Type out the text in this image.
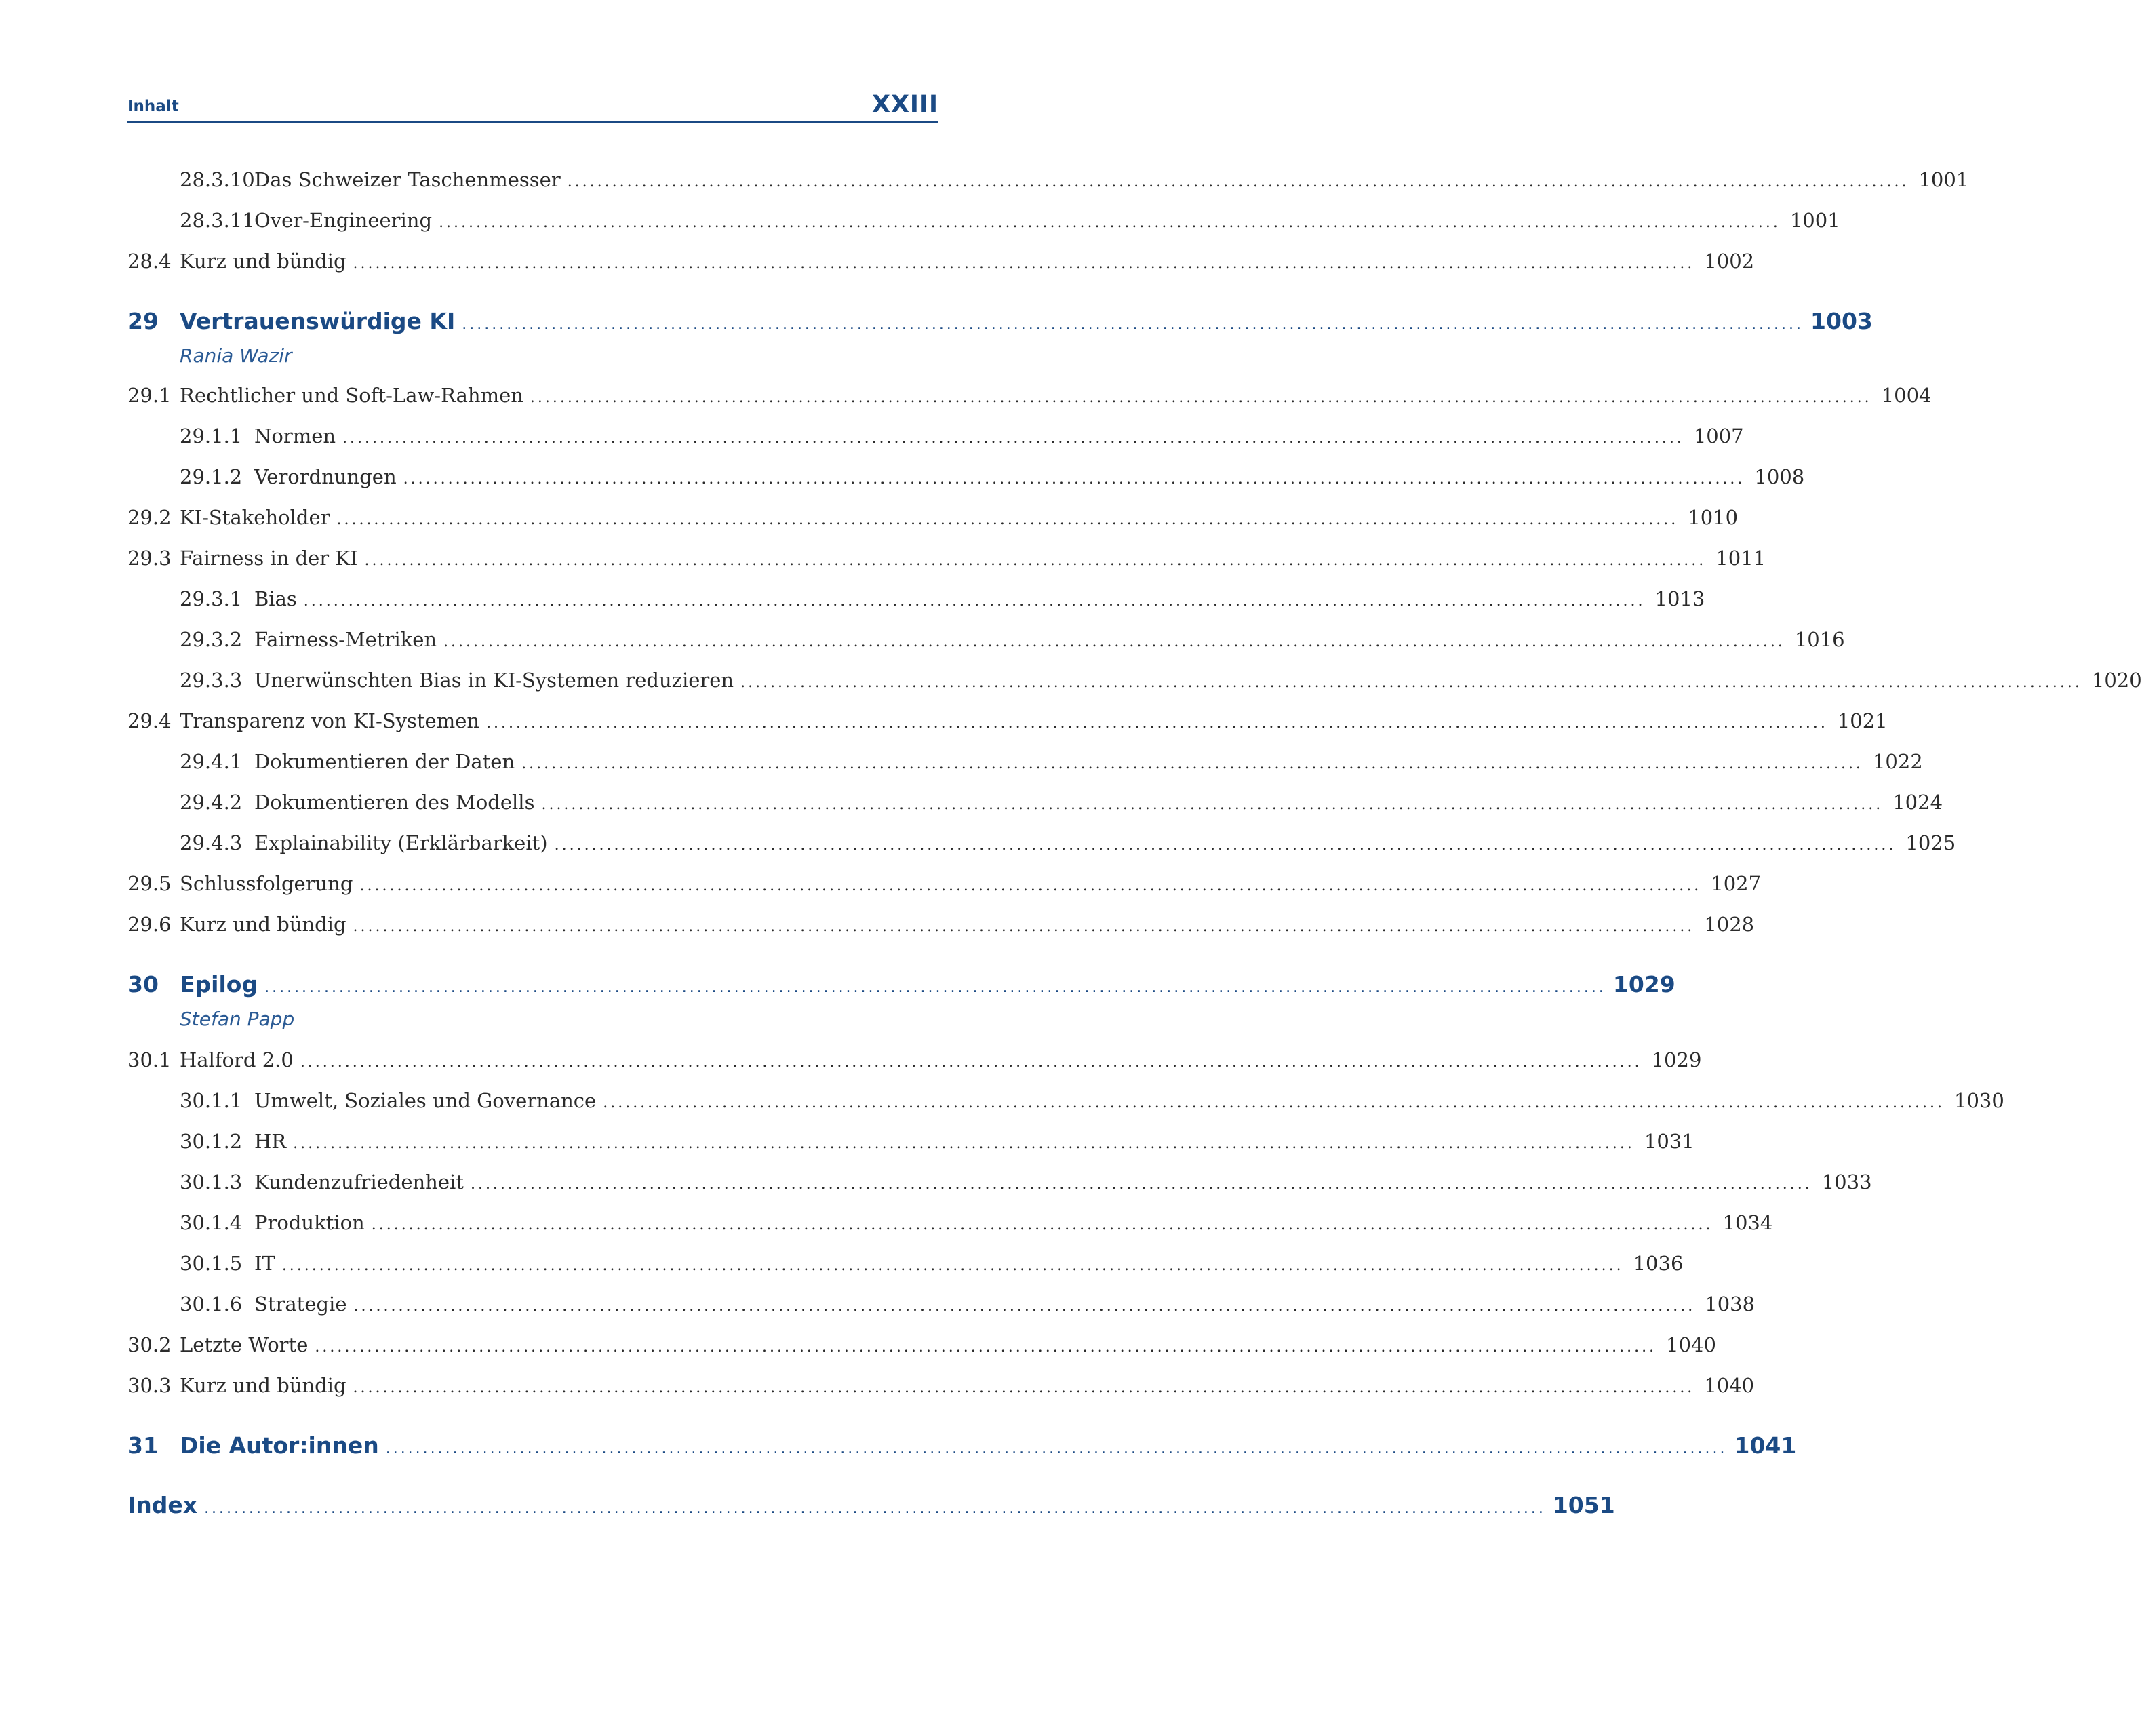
Inhalt	XXIII
28.3.10 Das Schweizer Taschenmesser .................................................................................................................................................................................... 1001
28.3.11 Over-Engineering .................................................................................................................................................................................... 1001
28.4 Kurz und bündig .................................................................................................................................................................................... 1002
29 Vertrauenswürdige KI .................................................................................................................................................................................... 1003
Rania Wazir
29.1 Rechtlicher und Soft-Law-Rahmen .................................................................................................................................................................................... 1004
29.1.1 Normen .................................................................................................................................................................................... 1007
29.1.2 Verordnungen .................................................................................................................................................................................... 1008
29.2 KI-Stakeholder .................................................................................................................................................................................... 1010
29.3 Fairness in der KI .................................................................................................................................................................................... 1011
29.3.1 Bias .................................................................................................................................................................................... 1013
29.3.2 Fairness-Metriken .................................................................................................................................................................................... 1016
29.3.3 Unerwünschten Bias in KI-Systemen reduzieren .................................................................................................................................................................................... 1020
29.4 Transparenz von KI-Systemen .................................................................................................................................................................................... 1021
29.4.1 Dokumentieren der Daten .................................................................................................................................................................................... 1022
29.4.2 Dokumentieren des Modells .................................................................................................................................................................................... 1024
29.4.3 Explainability (Erklärbarkeit) .................................................................................................................................................................................... 1025
29.5 Schlussfolgerung .................................................................................................................................................................................... 1027
29.6 Kurz und bündig .................................................................................................................................................................................... 1028
30 Epilog .................................................................................................................................................................................... 1029
Stefan Papp
30.1 Halford 2.0 .................................................................................................................................................................................... 1029
30.1.1 Umwelt, Soziales und Governance .................................................................................................................................................................................... 1030
30.1.2 HR .................................................................................................................................................................................... 1031
30.1.3 Kundenzufriedenheit .................................................................................................................................................................................... 1033
30.1.4 Produktion .................................................................................................................................................................................... 1034
30.1.5 IT .................................................................................................................................................................................... 1036
30.1.6 Strategie .................................................................................................................................................................................... 1038
30.2 Letzte Worte .................................................................................................................................................................................... 1040
30.3 Kurz und bündig .................................................................................................................................................................................... 1040
31 Die Autor:innen .................................................................................................................................................................................... 1041
Index .................................................................................................................................................................................... 1051
